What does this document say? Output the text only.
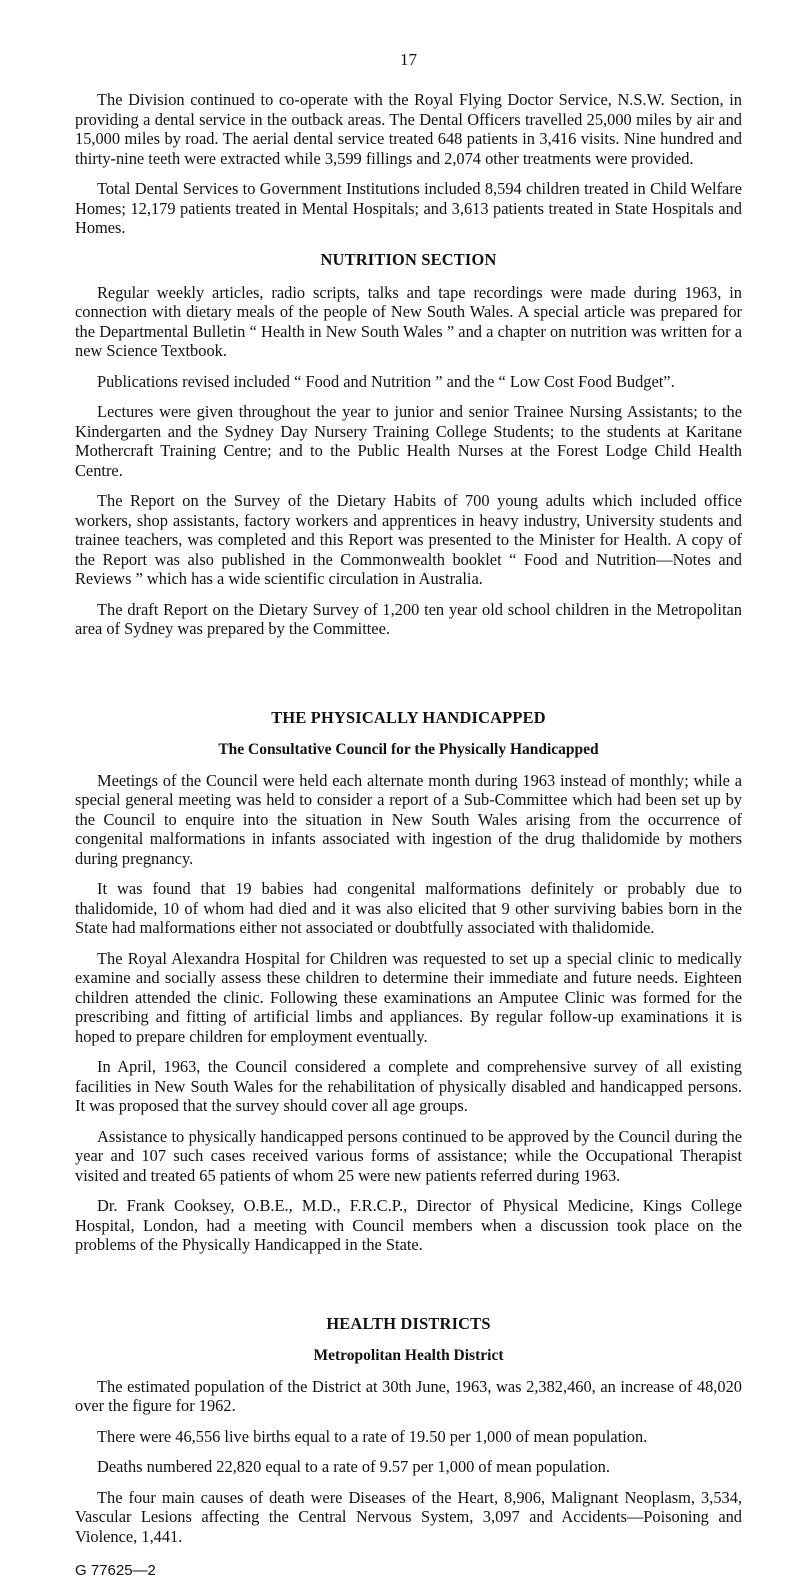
17

The Division continued to co-operate with the Royal Flying Doctor Service, N.S.W. Section, in providing a dental service in the outback areas. The Dental Officers travelled 25,000 miles by air and 15,000 miles by road. The aerial dental service treated 648 patients in 3,416 visits. Nine hundred and thirty-nine teeth were extracted while 3,599 fillings and 2,074 other treatments were provided.

Total Dental Services to Government Institutions included 8,594 children treated in Child Welfare Homes; 12,179 patients treated in Mental Hospitals; and 3,613 patients treated in State Hospitals and Homes.

NUTRITION SECTION

Regular weekly articles, radio scripts, talks and tape recordings were made during 1963, in connection with dietary meals of the people of New South Wales. A special article was prepared for the Departmental Bulletin “ Health in New South Wales ” and a chapter on nutrition was written for a new Science Textbook.

Publications revised included “ Food and Nutrition ” and the “ Low Cost Food Budget”.

Lectures were given throughout the year to junior and senior Trainee Nursing Assistants; to the Kindergarten and the Sydney Day Nursery Training College Students; to the students at Karitane Mothercraft Training Centre; and to the Public Health Nurses at the Forest Lodge Child Health Centre.

The Report on the Survey of the Dietary Habits of 700 young adults which included office workers, shop assistants, factory workers and apprentices in heavy industry, University students and trainee teachers, was completed and this Report was presented to the Minister for Health. A copy of the Report was also published in the Commonwealth booklet “ Food and Nutrition—Notes and Reviews ” which has a wide scientific circulation in Australia.

The draft Report on the Dietary Survey of 1,200 ten year old school children in the Metropolitan area of Sydney was prepared by the Committee.

THE PHYSICALLY HANDICAPPED
The Consultative Council for the Physically Handicapped

Meetings of the Council were held each alternate month during 1963 instead of monthly; while a special general meeting was held to consider a report of a Sub-Committee which had been set up by the Council to enquire into the situation in New South Wales arising from the occurrence of congenital malformations in infants associated with ingestion of the drug thalidomide by mothers during pregnancy.

It was found that 19 babies had congenital malformations definitely or probably due to thalidomide, 10 of whom had died and it was also elicited that 9 other surviving babies born in the State had malformations either not associated or doubtfully associated with thalidomide.

The Royal Alexandra Hospital for Children was requested to set up a special clinic to medically examine and socially assess these children to determine their immediate and future needs. Eighteen children attended the clinic. Following these examinations an Amputee Clinic was formed for the prescribing and fitting of artificial limbs and appliances. By regular follow-up examinations it is hoped to prepare children for employment eventually.

In April, 1963, the Council considered a complete and comprehensive survey of all existing facilities in New South Wales for the rehabilitation of physically disabled and handicapped persons. It was proposed that the survey should cover all age groups.

Assistance to physically handicapped persons continued to be approved by the Council during the year and 107 such cases received various forms of assistance; while the Occupational Therapist visited and treated 65 patients of whom 25 were new patients referred during 1963.

Dr. Frank Cooksey, O.B.E., M.D., F.R.C.P., Director of Physical Medicine, Kings College Hospital, London, had a meeting with Council members when a discussion took place on the problems of the Physically Handicapped in the State.

HEALTH DISTRICTS
Metropolitan Health District

The estimated population of the District at 30th June, 1963, was 2,382,460, an increase of 48,020 over the figure for 1962.

There were 46,556 live births equal to a rate of 19.50 per 1,000 of mean population.

Deaths numbered 22,820 equal to a rate of 9.57 per 1,000 of mean population.

The four main causes of death were Diseases of the Heart, 8,906, Malignant Neoplasm, 3,534, Vascular Lesions affecting the Central Nervous System, 3,097 and Accidents—Poisoning and Violence, 1,441.

G 77625—2
